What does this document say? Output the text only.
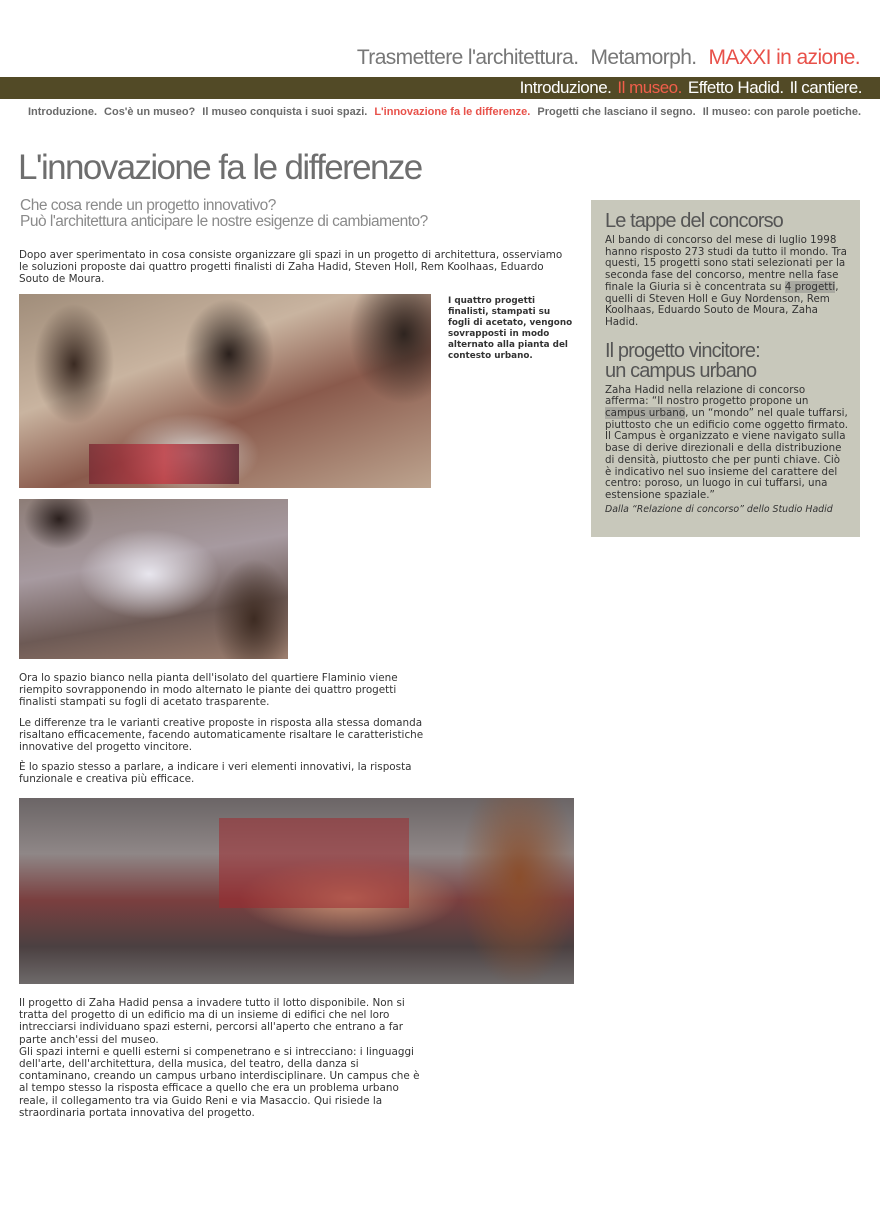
Trasmettere l'architettura. Metamorph. MAXXI in azione.
Introduzione. Il museo. Effetto Hadid. Il cantiere.
Introduzione. Cos'è un museo? Il museo conquista i suoi spazi. L'innovazione fa le differenze. Progetti che lasciano il segno. Il museo: con parole poetiche.
L'innovazione fa le differenze
Che cosa rende un progetto innovativo?
Può l'architettura anticipare le nostre esigenze di cambiamento?

Dopo aver sperimentato in cosa consiste organizzare gli spazi in un progetto di architettura, osserviamo le soluzioni proposte dai quattro progetti finalisti di Zaha Hadid, Steven Holl, Rem Koolhaas, Eduardo Souto de Moura.

I quattro progetti finalisti, stampati su fogli di acetato, vengono sovrapposti in modo alternato alla pianta del contesto urbano.

Ora lo spazio bianco nella pianta dell'isolato del quartiere Flaminio viene riempito sovrapponendo in modo alternato le piante dei quattro progetti finalisti stampati su fogli di acetato trasparente.

Le differenze tra le varianti creative proposte in risposta alla stessa domanda risaltano efficacemente, facendo automaticamente risaltare le caratteristiche innovative del progetto vincitore.

È lo spazio stesso a parlare, a indicare i veri elementi innovativi, la risposta funzionale e creativa più efficace.

Il progetto di Zaha Hadid pensa a invadere tutto il lotto disponibile. Non si tratta del progetto di un edificio ma di un insieme di edifici che nel loro intrecciarsi individuano spazi esterni, percorsi all'aperto che entrano a far parte anch'essi del museo.
Gli spazi interni e quelli esterni si compenetrano e si intrecciano: i linguaggi dell'arte, dell'architettura, della musica, del teatro, della danza si contaminano, creando un campus urbano interdisciplinare. Un campus che è al tempo stesso la risposta efficace a quello che era un problema urbano reale, il collegamento tra via Guido Reni e via Masaccio. Qui risiede la straordinaria portata innovativa del progetto.
Le tappe del concorso
Al bando di concorso del mese di luglio 1998 hanno risposto 273 studi da tutto il mondo. Tra questi, 15 progetti sono stati selezionati per la seconda fase del concorso, mentre nella fase finale la Giuria si è concentrata su 4 progetti, quelli di Steven Holl e Guy Nordenson, Rem Koolhaas, Eduardo Souto de Moura, Zaha Hadid.
Il progetto vincitore:
un campus urbano
Zaha Hadid nella relazione di concorso afferma: “Il nostro progetto propone un campus urbano, un “mondo” nel quale tuffarsi, piuttosto che un edificio come oggetto firmato. Il Campus è organizzato e viene navigato sulla base di derive direzionali e della distribuzione di densità, piuttosto che per punti chiave. Ciò è indicativo nel suo insieme del carattere del centro: poroso, un luogo in cui tuffarsi, una estensione spaziale.”
Dalla “Relazione di concorso” dello Studio Hadid
